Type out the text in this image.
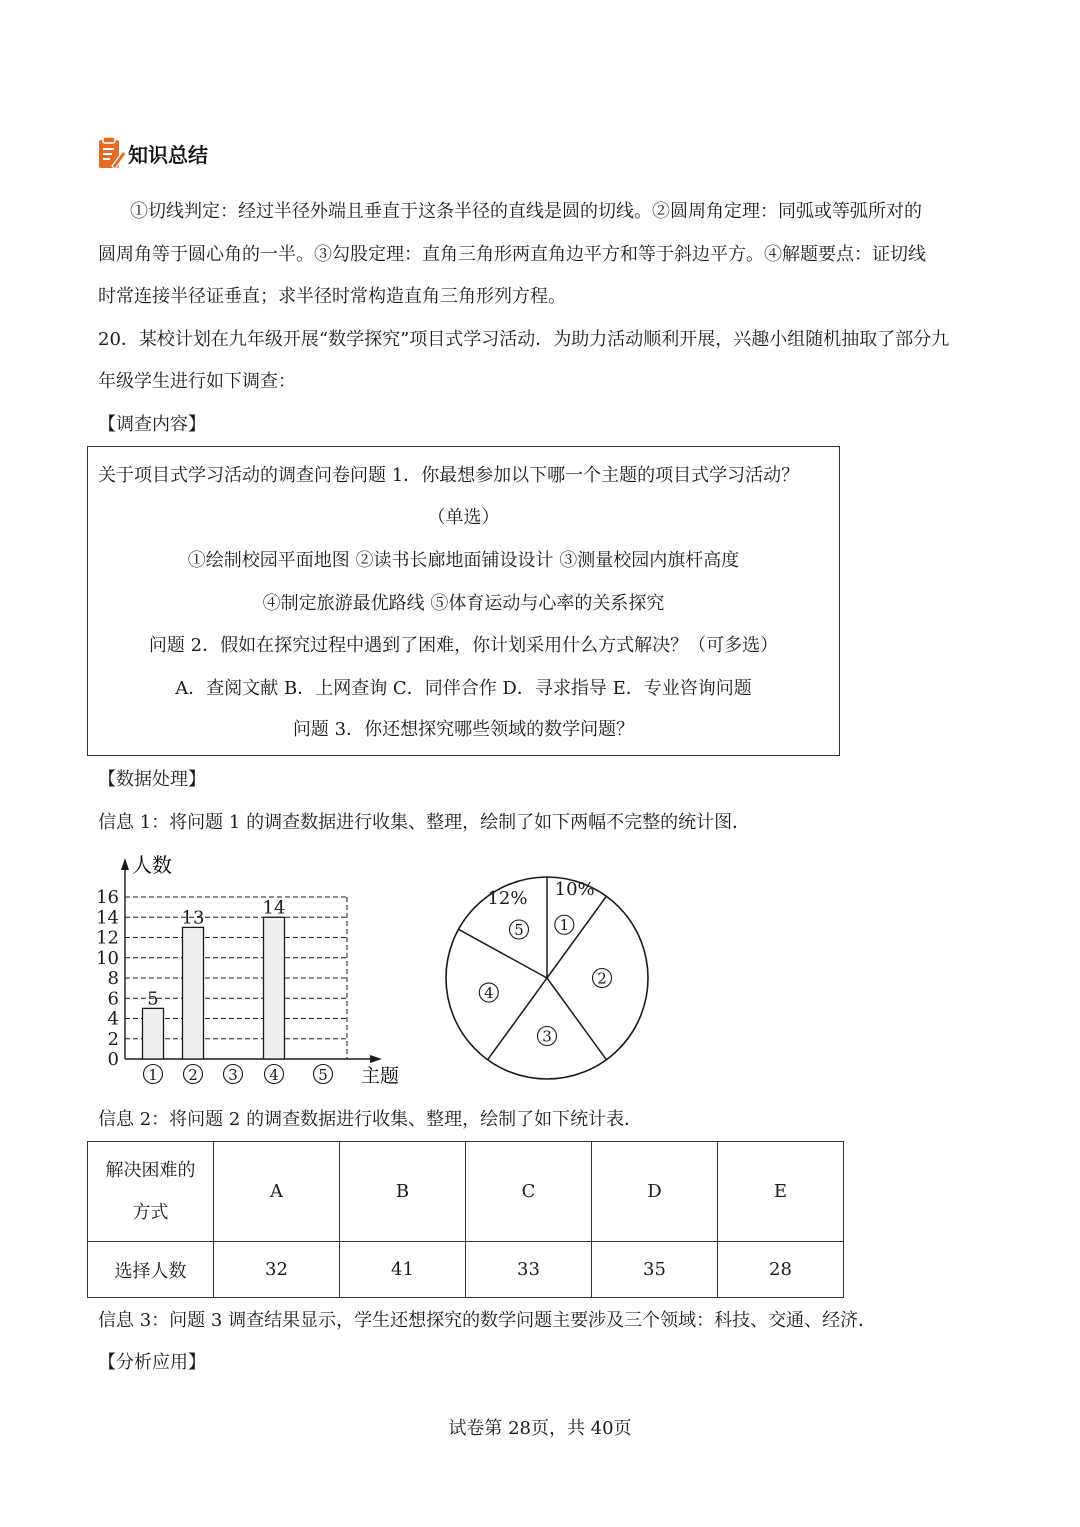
知识总结
①切线判定：经过半径外端且垂直于这条半径的直线是圆的切线。②圆周角定理：同弧或等弧所对的
圆周角等于圆心角的一半。③勾股定理：直角三角形两直角边平方和等于斜边平方。④解题要点：证切线
时常连接半径证垂直；求半径时常构造直角三角形列方程。
20．某校计划在九年级开展“数学探究”项目式学习活动．为助力活动顺利开展，兴趣小组随机抽取了部分九
年级学生进行如下调查：
【调查内容】
关于项目式学习活动的调查问卷问题 1．你最想参加以下哪一个主题的项目式学习活动？
（单选）
①绘制校园平面地图 ②读书长廊地面铺设设计 ③测量校园内旗杆高度
④制定旅游最优路线 ⑤体育运动与心率的关系探究
问题 2．假如在探究过程中遇到了困难，你计划采用什么方式解决？（可多选）
A．查阅文献 B．上网查询 C．同伴合作 D．寻求指导 E．专业咨询问题
问题 3．你还想探究哪些领域的数学问题？
【数据处理】
信息 1：将问题 1 的调查数据进行收集、整理，绘制了如下两幅不完整的统计图．
人数
主题
0
2
4
6
8
10
12
14
16
1
5
2
13
3 4
14
5
1
2
3
4
5
10%
12%
信息 2：将问题 2 的调查数据进行收集、整理，绘制了如下统计表．
解决困难的
方式	A	B	C	D	E
选择人数	32	41	33	35	28
信息 3：问题 3 调查结果显示，学生还想探究的数学问题主要涉及三个领域：科技、交通、经济．
【分析应用】
试卷第 28页，共 40页
